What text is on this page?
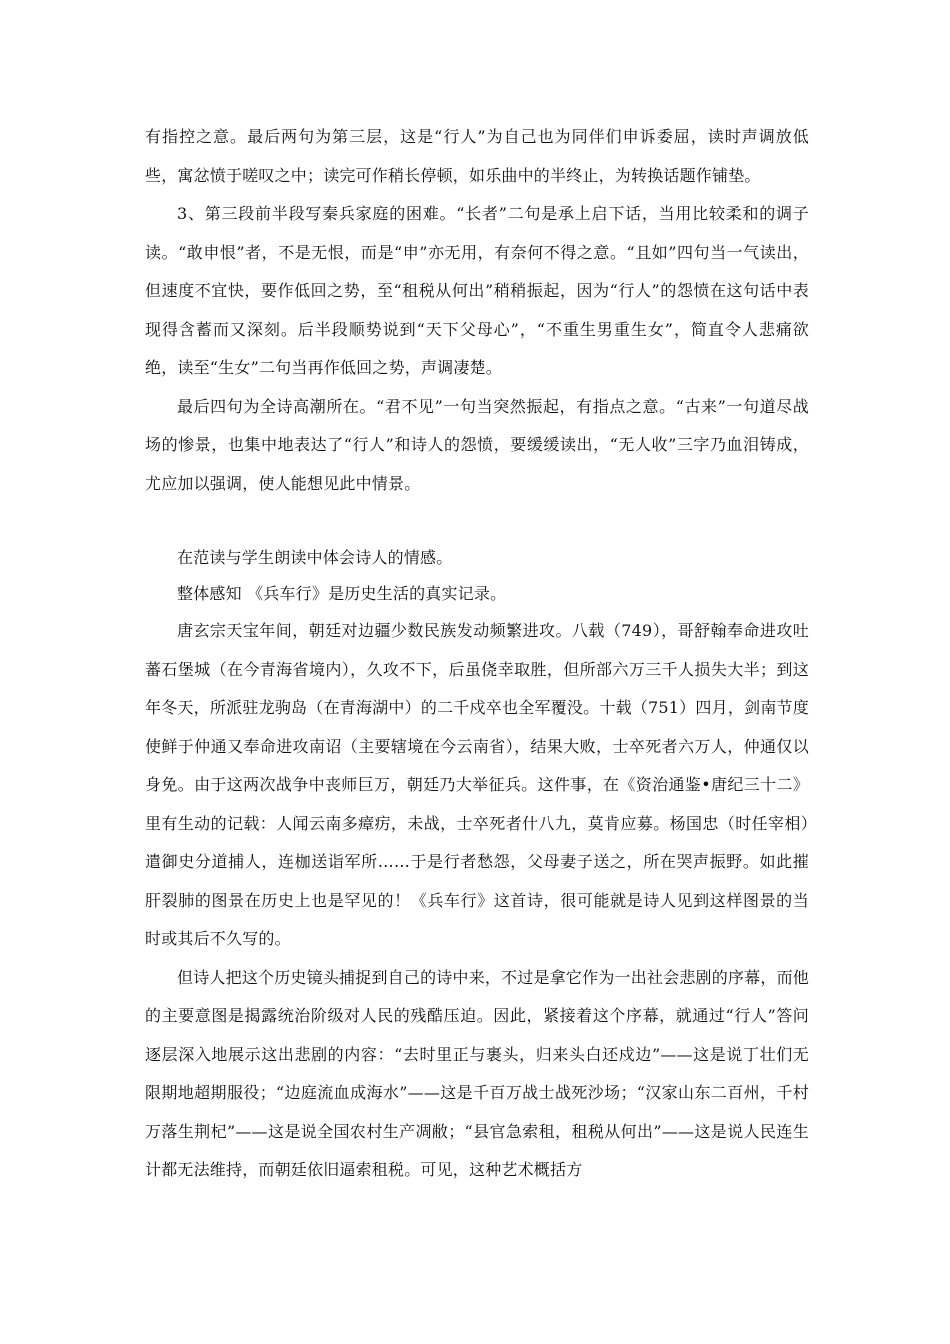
有指控之意。最后两句为第三层，这是“行人”为自己也为同伴们申诉委屈，读时声调放低些，寓忿愤于嗟叹之中；读完可作稍长停顿，如乐曲中的半终止，为转换话题作铺垫。

3、第三段前半段写秦兵家庭的困难。“长者”二句是承上启下话，当用比较柔和的调子读。“敢申恨”者，不是无恨，而是“申”亦无用，有奈何不得之意。“且如”四句当一气读出，但速度不宜快，要作低回之势，至“租税从何出”稍稍振起，因为“行人”的怨愤在这句话中表现得含蓄而又深刻。后半段顺势说到“天下父母心”，“不重生男重生女”，简直令人悲痛欲绝，读至“生女”二句当再作低回之势，声调凄楚。

最后四句为全诗高潮所在。“君不见”一句当突然振起，有指点之意。“古来”一句道尽战场的惨景，也集中地表达了“行人”和诗人的怨愤，要缓缓读出，“无人收”三字乃血泪铸成，尤应加以强调，使人能想见此中情景。

在范读与学生朗读中体会诗人的情感。

整体感知 《兵车行》是历史生活的真实记录。

唐玄宗天宝年间，朝廷对边疆少数民族发动频繁进攻。八载（749），哥舒翰奉命进攻吐蕃石堡城（在今青海省境内），久攻不下，后虽侥幸取胜，但所部六万三千人损失大半；到这年冬天，所派驻龙驹岛（在青海湖中）的二千戍卒也全军覆没。十载（751）四月，剑南节度使鲜于仲通又奉命进攻南诏（主要辖境在今云南省），结果大败，士卒死者六万人，仲通仅以身免。由于这两次战争中丧师巨万，朝廷乃大举征兵。这件事，在《资治通鉴•唐纪三十二》里有生动的记载：人闻云南多瘴疠，未战，士卒死者什八九，莫肯应募。杨国忠（时任宰相）遣御史分道捕人，连枷送诣军所……于是行者愁怨，父母妻子送之，所在哭声振野。如此摧肝裂肺的图景在历史上也是罕见的！《兵车行》这首诗，很可能就是诗人见到这样图景的当时或其后不久写的。

但诗人把这个历史镜头捕捉到自己的诗中来，不过是拿它作为一出社会悲剧的序幕，而他的主要意图是揭露统治阶级对人民的残酷压迫。因此，紧接着这个序幕，就通过“行人”答问逐层深入地展示这出悲剧的内容：“去时里正与裹头，归来头白还戍边”——这是说丁壮们无限期地超期服役；“边庭流血成海水”——这是千百万战士战死沙场；“汉家山东二百州，千村万落生荆杞”——这是说全国农村生产凋敝；“县官急索租，租税从何出”——这是说人民连生计都无法维持，而朝廷依旧逼索租税。可见，这种艺术概括方
